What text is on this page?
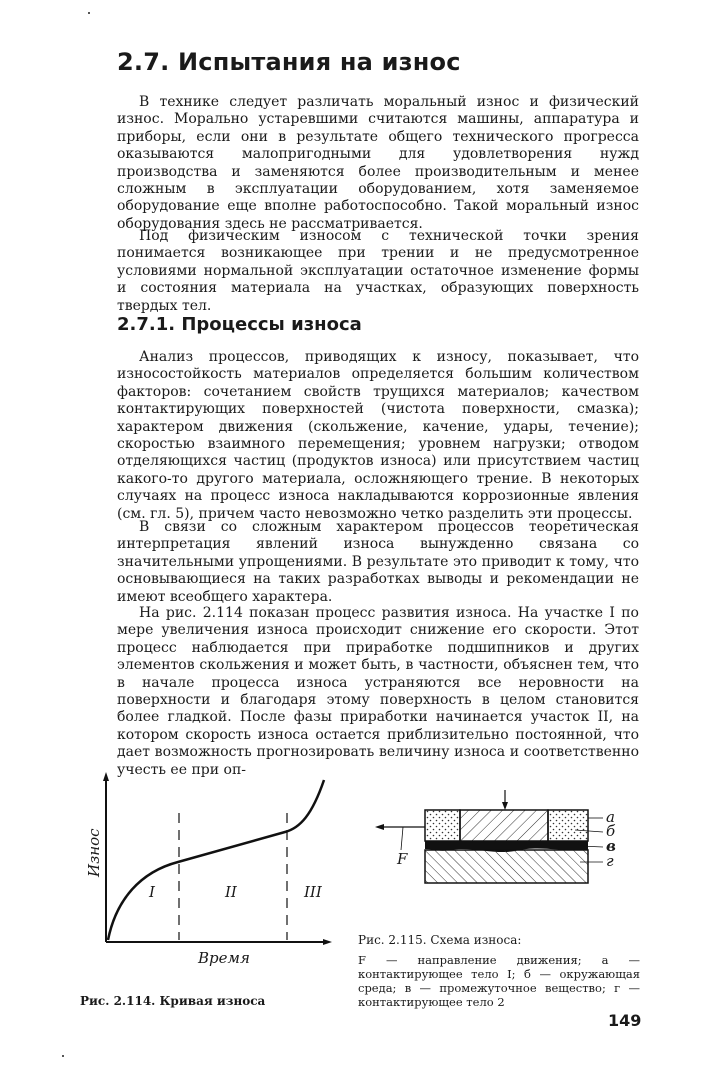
2.7. Испытания на износ

В технике следует различать моральный износ и физический износ. Морально устаревшими считаются машины, аппаратура и приборы, если они в результате общего технического прогресса оказываются малопригодными для удовлетворения нужд производства и заменяются более производительным и менее сложным в эксплуатации оборудованием, хотя заменяемое оборудование еще вполне работоспособно. Такой моральный износ оборудования здесь не рассматривается.

Под физическим износом с технической точки зрения понимается возникающее при трении и не предусмотренное условиями нормальной эксплуатации остаточное изменение формы и состояния материала на участках, образующих поверхность твердых тел.

2.7.1. Процессы износа

Анализ процессов, приводящих к износу, показывает, что износостойкость материалов определяется большим количеством факторов: сочетанием свойств трущихся материалов; качеством контактирующих поверхностей (чистота поверхности, смазка); характером движения (скольжение, качение, удары, течение); скоростью взаимного перемещения; уровнем нагрузки; отводом отделяющихся частиц (продуктов износа) или присутствием частиц какого-то другого материала, осложняющего трение. В некоторых случаях на процесс износа накладываются коррозионные явления (см. гл. 5), причем часто невозможно четко разделить эти процессы.

В связи со сложным характером процессов теоретическая интерпретация явлений износа вынужденно связана со значительными упрощениями. В результате это приводит к тому, что основывающиеся на таких разработках выводы и рекомендации не имеют всеобщего характера.

На рис. 2.114 показан процесс развития износа. На участке I по мере увеличения износа происходит снижение его скорости. Этот процесс наблюдается при приработке подшипников и других элементов скольжения и может быть, в частности, объяснен тем, что в начале процесса износа устраняются все неровности на поверхности и благодаря этому поверхность в целом становится более гладкой. После фазы приработки начинается участок II, на котором скорость износа остается приблизительно постоянной, что дает возможность прогнозировать величину износа и соответственно учесть ее при оп-

I	II	III
Износ
Время
F
а
б
в
г

Рис. 2.114. Кривая износа

Рис. 2.115. Схема износа:

F — направление движения; а — контактирующее тело I; б — окружающая среда; в — промежуточное вещество; г — контактирующее тело 2

149
